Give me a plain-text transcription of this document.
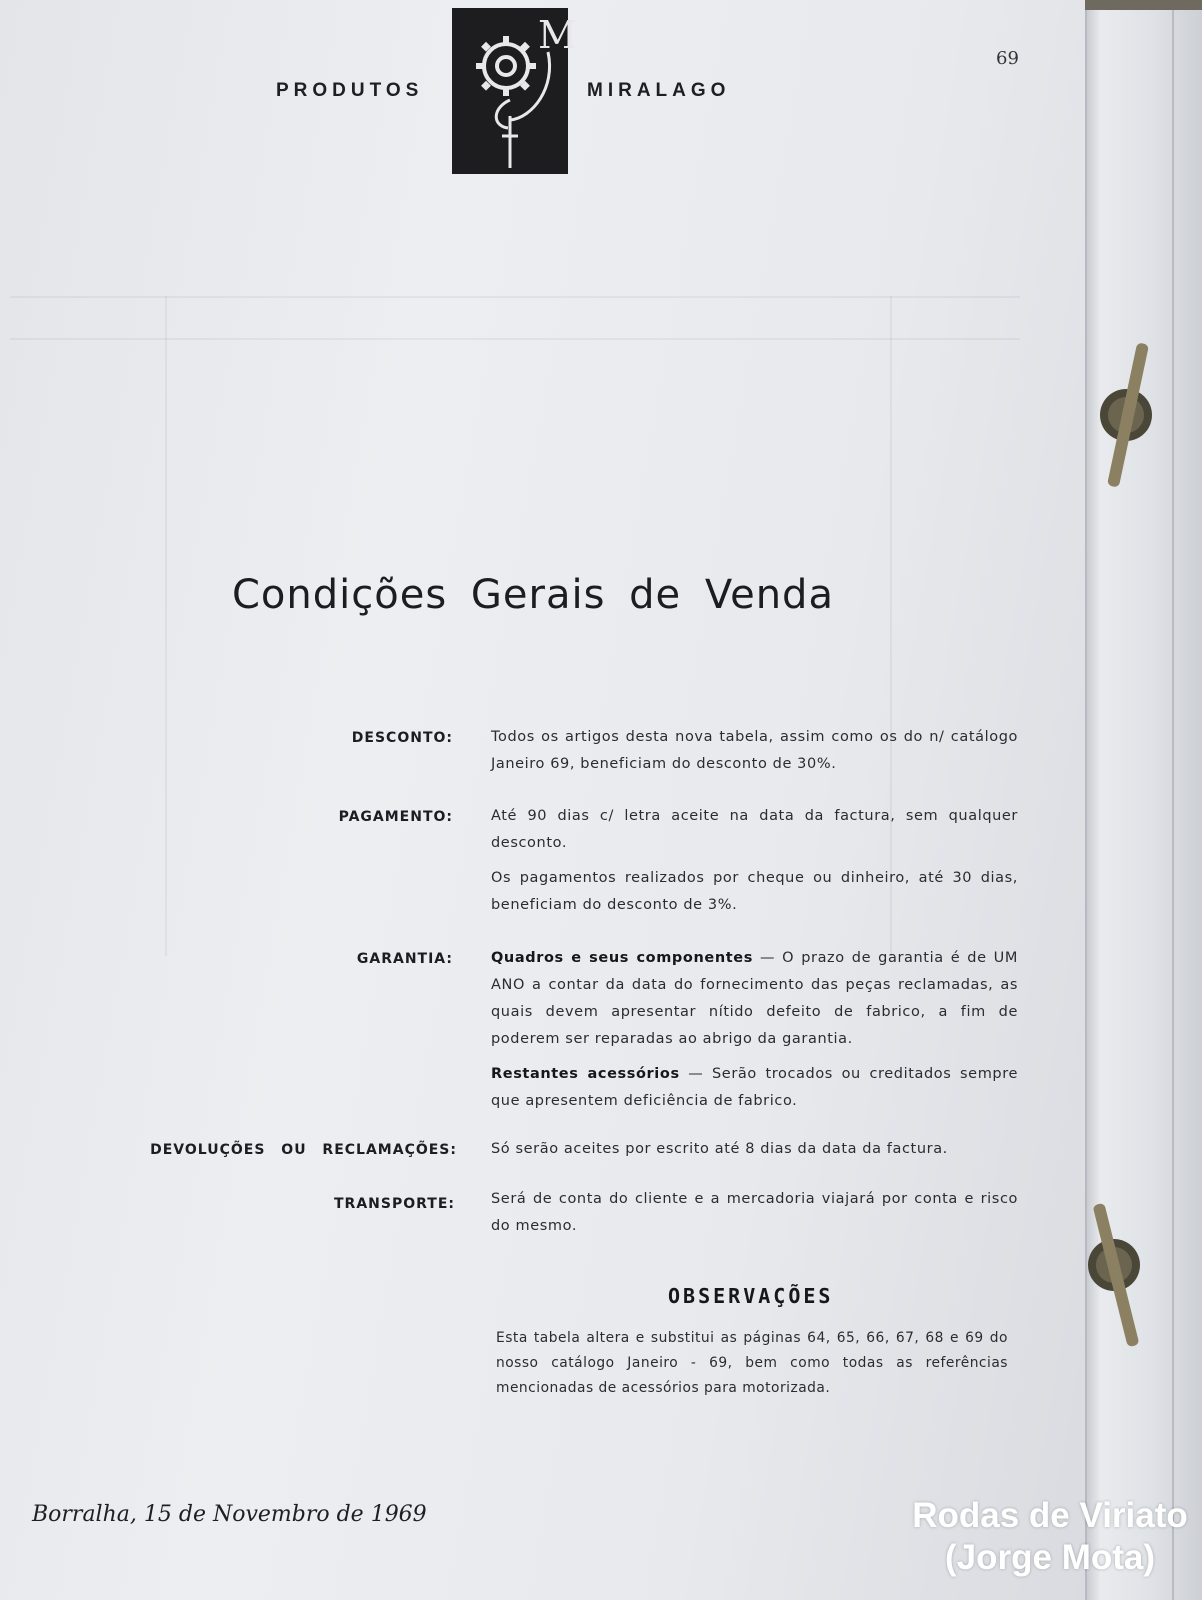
M
PRODUTOS	MIRALAGO
69
Condições Gerais de Venda
DESCONTO:	Todos os artigos desta nova tabela, assim como os do n/ catálogo Janeiro 69, beneficiam do desconto de 30%.

PAGAMENTO:	Até 90 dias c/ letra aceite na data da factura, sem qualquer desconto.

Os pagamentos realizados por cheque ou dinheiro, até 30 dias, beneficiam do desconto de 3%.

GARANTIA:	Quadros e seus componentes — O prazo de garantia é de UM ANO a contar da data do fornecimento das peças reclamadas, as quais devem apresentar nítido defeito de fabrico, a fim de poderem ser reparadas ao abrigo da garantia.

Restantes acessórios — Serão trocados ou creditados sempre que apresentem deficiência de fabrico.

DEVOLUÇÕES OU RECLAMAÇÕES: Só serão aceites por escrito até 8 dias da data da factura.

TRANSPORTE: Será de conta do cliente e a mercadoria viajará por conta e risco do mesmo.

OBSERVAÇÕES
Esta tabela altera e substitui as páginas 64, 65, 66, 67, 68 e 69 do nosso catálogo Janeiro - 69, bem como todas as referências mencionadas de acessórios para motorizada.
Borralha, 15 de Novembro de 1969	Rodas de Viriato
(Jorge Mota)
